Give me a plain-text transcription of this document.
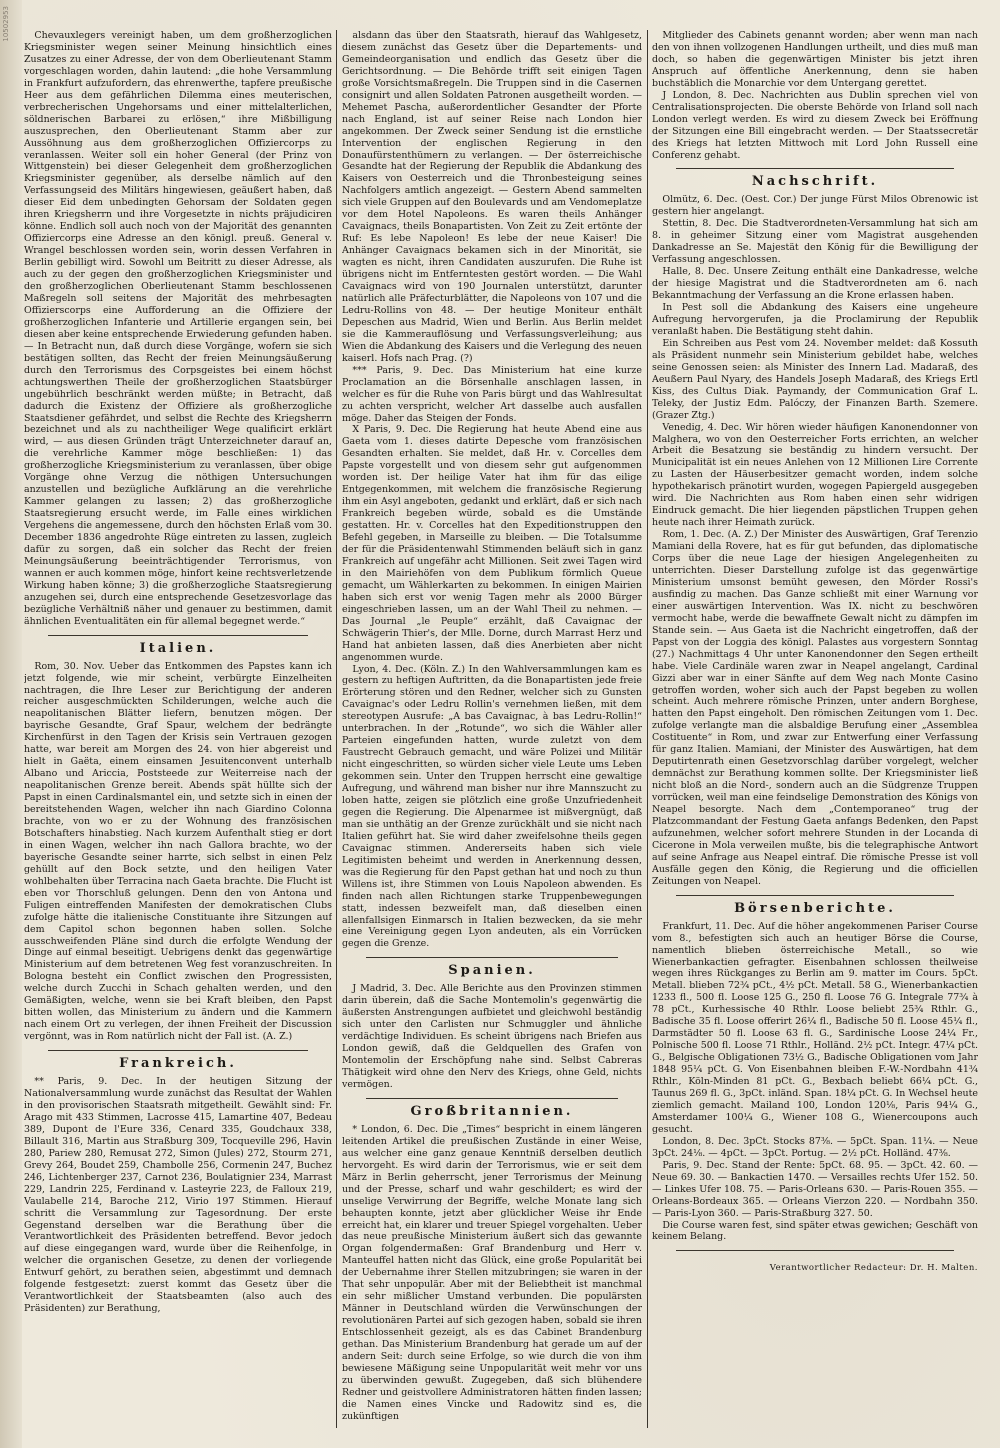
10502953	Chevauxlegers vereinigt haben, um dem großherzoglichen Kriegsminister wegen seiner Meinung hinsichtlich eines Zusatzes zu einer Adresse, der von dem Oberlieutenant Stamm vorgeschlagen worden, dahin lautend: „die hohe Versammlung in Frankfurt aufzufordern, das ehrenwerthe, tapfere preußische Heer aus dem gefährlichen Dilemma eines meuterischen, verbrecherischen Ungehorsams und einer mittelalterlichen, söldnerischen Barbarei zu erlösen,“ ihre Mißbilligung auszusprechen, den Oberlieutenant Stamm aber zur Aussöhnung aus dem großherzoglichen Offiziercorps zu veranlassen. Weiter soll ein hoher General (der Prinz von Wittgenstein) bei dieser Gelegenheit dem großherzoglichen Kriegsminister gegenüber, als derselbe nämlich auf den Verfassungseid des Militärs hingewiesen, geäußert haben, daß dieser Eid dem unbedingten Gehorsam der Soldaten gegen ihren Kriegsherrn und ihre Vorgesetzte in nichts präjudiciren könne. Endlich soll auch noch von der Majorität des genannten Offiziercorps eine Adresse an den königl. preuß. General v. Wrangel beschlossen worden sein, worin dessen Verfahren in Berlin gebilligt wird. Sowohl um Beitritt zu dieser Adresse, als auch zu der gegen den großherzoglichen Kriegsminister und den großherzoglichen Oberlieutenant Stamm beschlossenen Maßregeln soll seitens der Majorität des mehrbesagten Offizierscorps eine Aufforderung an die Offiziere der großherzoglichen Infanterie und Artillerie ergangen sein, bei diesen aber keine entsprechende Erwiederung gefunden haben. — In Betracht nun, daß durch diese Vorgänge, wofern sie sich bestätigen sollten, das Recht der freien Meinungsäußerung durch den Terrorismus des Corpsgeistes bei einem höchst achtungswerthen Theile der großherzoglichen Staatsbürger ungebührlich beschränkt werden müßte; in Betracht, daß dadurch die Existenz der Offiziere als großherzogliche Staatsdiener gefährdet, und selbst die Rechte des Kriegsherrn bezeichnet und als zu nachtheiliger Wege qualificirt erklärt wird, — aus diesen Gründen trägt Unterzeichneter darauf an, die verehrliche Kammer möge beschließen: 1) das großherzogliche Kriegsministerium zu veranlassen, über obige Vorgänge ohne Verzug die nöthigen Untersuchungen anzustellen und bezügliche Aufklärung an die verehrliche Kammer gelangen zu lassen; 2) das großherzogliche Staatsregierung ersucht werde, im Falle eines wirklichen Vergehens die angemessene, durch den höchsten Erlaß vom 30. December 1836 angedrohte Rüge eintreten zu lassen, zugleich dafür zu sorgen, daß ein solcher das Recht der freien Meinungsäußerung beeinträchtigender Terrorismus, von wannen er auch kommen möge, hinfort keine rechtsverletzende Wirkung haben könne; 3) die großherzogliche Staatsregierung anzugehen sei, durch eine entsprechende Gesetzesvorlage das bezügliche Verhältniß näher und genauer zu bestimmen, damit ähnlichen Eventualitäten ein für allemal begegnet werde.“

Italien.

Rom, 30. Nov. Ueber das Entkommen des Papstes kann ich jetzt folgende, wie mir scheint, verbürgte Einzelheiten nachtragen, die Ihre Leser zur Berichtigung der anderen reicher ausgeschmückten Schilderungen, welche auch die neapolitanischen Blätter liefern, benutzen mögen. Der bayrische Gesandte, Graf Spaur, welchem der bedrängte Kirchenfürst in den Tagen der Krisis sein Vertrauen gezogen hatte, war bereit am Morgen des 24. von hier abgereist und hielt in Gaëta, einem einsamen Jesuitenconvent unterhalb Albano und Ariccia, Poststeede zur Weiterreise nach der neapolitanischen Grenze bereit. Abends spät hüllte sich der Papst in einen Cardinalsmantel ein, und setzte sich in einen der bereitstehenden Wagen, welcher ihn nach Giardino Colonna brachte, von wo er zu der Wohnung des französischen Botschafters hinabstieg. Nach kurzem Aufenthalt stieg er dort in einen Wagen, welcher ihn nach Gallora brachte, wo der bayerische Gesandte seiner harrte, sich selbst in einen Pelz gehüllt auf den Bock setzte, und den heiligen Vater wohlbehalten über Terracina nach Gaeta brachte. Die Flucht ist eben vor Thorschluß gelungen. Denn den von Antona und Fuligen eintreffenden Manifesten der demokratischen Clubs zufolge hätte die italienische Constituante ihre Sitzungen auf dem Capitol schon begonnen haben sollen. Solche ausschweifenden Pläne sind durch die erfolgte Wendung der Dinge auf einmal beseitigt. Uebrigens denkt das gegenwärtige Ministerium auf dem betretenen Weg fest voranzuschreiten. In Bologna besteht ein Conflict zwischen den Progressisten, welche durch Zucchi in Schach gehalten werden, und den Gemäßigten, welche, wenn sie bei Kraft bleiben, den Papst bitten wollen, das Ministerium zu ändern und die Kammern nach einem Ort zu verlegen, der ihnen Freiheit der Discussion vergönnt, was in Rom natürlich nicht der Fall ist. (A. Z.)

Frankreich.

** Paris, 9. Dec. In der heutigen Sitzung der Nationalversammlung wurde zunächst das Resultat der Wahlen in den provisorischen Staatsrath mitgetheilt. Gewählt sind: Fr. Arago mit 433 Stimmen, Lacrosse 415, Lamartine 407, Bedeau 389, Dupont de l'Eure 336, Cenard 335, Goudchaux 338, Billault 316, Martin aus Straßburg 309, Tocqueville 296, Havin 280, Pariew 280, Remusat 272, Simon (Jules) 272, Stourm 271, Grevy 264, Boudet 259, Chambolle 256, Cormenin 247, Buchez 246, Lichtenberger 237, Carnot 236, Boulatignier 234, Marrast 229, Landrin 225, Ferdinand v. Lasteyrie 223, de Falloux 219, Vaulabelle 214, Baroche 212, Virio 197 Stimmen. Hierauf schritt die Versammlung zur Tagesordnung. Der erste Gegenstand derselben war die Berathung über die Verantwortlichkeit des Präsidenten betreffend. Bevor jedoch auf diese eingegangen ward, wurde über die Reihenfolge, in welcher die organischen Gesetze, zu denen der vorliegende Entwurf gehört, zu berathen seien, abgestimmt und demnach folgende festgesetzt: zuerst kommt das Gesetz über die Verantwortlichkeit der Staatsbeamten (also auch des Präsidenten) zur Berathung,

alsdann das über den Staatsrath, hierauf das Wahlgesetz, diesem zunächst das Gesetz über die Departements- und Gemeindeorganisation und endlich das Gesetz über die Gerichtsordnung. — Die Behörde trifft seit einigen Tagen große Vorsichtsmaßregeln. Die Truppen sind in die Casernen consignirt und allen Soldaten Patronen ausgetheilt worden. — Mehemet Pascha, außerordentlicher Gesandter der Pforte nach England, ist auf seiner Reise nach London hier angekommen. Der Zweck seiner Sendung ist die ernstliche Intervention der englischen Regierung in den Donaufürstenthümern zu verlangen. — Der österreichische Gesandte hat der Regierung der Republik die Abdankung des Kaisers von Oesterreich und die Thronbesteigung seines Nachfolgers amtlich angezeigt. — Gestern Abend sammelten sich viele Gruppen auf den Boulevards und am Vendomeplatze vor dem Hotel Napoleons. Es waren theils Anhänger Cavaignacs, theils Bonapartisten. Von Zeit zu Zeit ertönte der Ruf: Es lebe Napoleon! Es lebe der neue Kaiser! Die Anhänger Cavaignacs bekamen sich in der Minorität, sie wagten es nicht, ihren Candidaten auszurufen. Die Ruhe ist übrigens nicht im Entferntesten gestört worden. — Die Wahl Cavaignacs wird von 190 Journalen unterstützt, darunter natürlich alle Präfecturblätter, die Napoleons von 107 und die Ledru-Rollins von 48. — Der heutige Moniteur enthält Depeschen aus Madrid, Wien und Berlin. Aus Berlin meldet sie die Kammerauflösung und Verfassungsverleihung; aus Wien die Abdankung des Kaisers und die Verlegung des neuen kaiserl. Hofs nach Prag. (?)

*** Paris, 9. Dec. Das Ministerium hat eine kurze Proclamation an die Börsenhalle anschlagen lassen, in welcher es für die Ruhe von Paris bürgt und das Wahlresultat zu achten verspricht, welcher Art dasselbe auch ausfallen möge. Daher das Steigen der Fonds.

X Paris, 9. Dec. Die Regierung hat heute Abend eine aus Gaeta vom 1. dieses datirte Depesche vom französischen Gesandten erhalten. Sie meldet, daß Hr. v. Corcelles dem Papste vorgestellt und von diesem sehr gut aufgenommen worden ist. Der heilige Vater hat ihm für das eilige Entgegenkommen, mit welchem die französische Regierung ihm ein Asyl angeboten, gedankt und erklärt, daß er sich nach Frankreich begeben würde, sobald es die Umstände gestatten. Hr. v. Corcelles hat den Expeditionstruppen den Befehl gegeben, in Marseille zu bleiben. — Die Totalsumme der für die Präsidentenwahl Stimmenden beläuft sich in ganz Frankreich auf ungefähr acht Millionen. Seit zwei Tagen wird in den Mairiehöfen von dem Publikum förmlich Queue gemacht, um Wählerkarten zu bekommen. In einigen Mairien haben sich erst vor wenig Tagen mehr als 2000 Bürger eingeschrieben lassen, um an der Wahl Theil zu nehmen. — Das Journal „le Peuple“ erzählt, daß Cavaignac der Schwägerin Thier's, der Mlle. Dorne, durch Marrast Herz und Hand hat anbieten lassen, daß dies Anerbieten aber nicht angenommen wurde.

Lyon, 4. Dec. (Köln. Z.) In den Wahlversammlungen kam es gestern zu heftigen Auftritten, da die Bonapartisten jede freie Erörterung stören und den Redner, welcher sich zu Gunsten Cavaignac's oder Ledru Rollin's vernehmen ließen, mit dem stereotypen Ausrufe: „A bas Cavaignac, à bas Ledru-Rollin!“ unterbrachen. In der „Rotunde“, wo sich die Wähler aller Parteien eingefunden hatten, wurde zuletzt von dem Faustrecht Gebrauch gemacht, und wäre Polizei und Militär nicht eingeschritten, so würden sicher viele Leute ums Leben gekommen sein. Unter den Truppen herrscht eine gewaltige Aufregung, und während man bisher nur ihre Mannszucht zu loben hatte, zeigen sie plötzlich eine große Unzufriedenheit gegen die Regierung. Die Alpenarmee ist mißvergnügt, daß man sie unthätig an der Grenze zurückhält und sie nicht nach Italien geführt hat. Sie wird daher zweifelsohne theils gegen Cavaignac stimmen. Andererseits haben sich viele Legitimisten beheimt und werden in Anerkennung dessen, was die Regierung für den Papst gethan hat und noch zu thun Willens ist, ihre Stimmen von Louis Napoleon abwenden. Es finden nach allen Richtungen starke Truppenbewegungen statt, indessen bezweifelt man, daß dieselben einen allenfallsigen Einmarsch in Italien bezwecken, da sie mehr eine Vereinigung gegen Lyon andeuten, als ein Vorrücken gegen die Grenze.

Spanien.

J Madrid, 3. Dec. Alle Berichte aus den Provinzen stimmen darin überein, daß die Sache Montemolin's gegenwärtig die äußersten Anstrengungen aufbietet und gleichwohl beständig sich unter den Carlisten nur Schmuggler und ähnliche verdächtige Individuen. Es scheint übrigens nach Briefen aus London gewiß, daß die Geldquellen des Grafen von Montemolin der Erschöpfung nahe sind. Selbst Cabreras Thätigkeit wird ohne den Nerv des Kriegs, ohne Geld, nichts vermögen.

Großbritannien.

* London, 6. Dec. Die „Times“ bespricht in einem längeren leitenden Artikel die preußischen Zustände in einer Weise, aus welcher eine ganz genaue Kenntniß derselben deutlich hervorgeht. Es wird darin der Terrorismus, wie er seit dem März in Berlin geherrscht, jener Terrorismus der Meinung und der Presse, scharf und wahr geschildert; es wird der unselige Verwirrung der Begriffe, welche Monate lang sich behaupten konnte, jetzt aber glücklicher Weise ihr Ende erreicht hat, ein klarer und treuer Spiegel vorgehalten. Ueber das neue preußische Ministerium äußert sich das gewannte Organ folgendermaßen: Graf Brandenburg und Herr v. Manteuffel hatten nicht das Glück, eine große Popularität bei der Uebernahme ihrer Stellen mitzubringen; sie waren in der That sehr unpopulär. Aber mit der Beliebtheit ist manchmal ein sehr mißlicher Umstand verbunden. Die populärsten Männer in Deutschland würden die Verwünschungen der revolutionären Partei auf sich gezogen haben, sobald sie ihren Entschlossenheit gezeigt, als es das Cabinet Brandenburg gethan. Das Ministerium Brandenburg hat gerade um auf der andern Seit: durch seine Erfolge, so wie durch die von ihm bewiesene Mäßigung seine Unpopularität weit mehr vor uns zu überwinden gewußt. Zugegeben, daß sich blühendere Redner und geistvollere Administratoren hätten finden lassen; die Namen eines Vincke und Radowitz sind es, die zukünftigen

Mitglieder des Cabinets genannt worden; aber wenn man nach den von ihnen vollzogenen Handlungen urtheilt, und dies muß man doch, so haben die gegenwärtigen Minister bis jetzt ihren Anspruch auf öffentliche Anerkennung, denn sie haben buchstäblich die Monarchie vor dem Untergang gerettet.

J London, 8. Dec. Nachrichten aus Dublin sprechen viel von Centralisationsprojecten. Die oberste Behörde von Irland soll nach London verlegt werden. Es wird zu diesem Zweck bei Eröffnung der Sitzungen eine Bill eingebracht werden. — Der Staatssecretär des Kriegs hat letzten Mittwoch mit Lord John Russell eine Conferenz gehabt.

Nachschrift.

Olmütz, 6. Dec. (Oest. Cor.) Der junge Fürst Milos Obrenowic ist gestern hier angelangt.

Stettin, 8. Dec. Die Stadtverordneten-Versammlung hat sich am 8. in geheimer Sitzung einer vom Magistrat ausgehenden Dankadresse an Se. Majestät den König für die Bewilligung der Verfassung angeschlossen.

Halle, 8. Dec. Unsere Zeitung enthält eine Dankadresse, welche der hiesige Magistrat und die Stadtverordneten am 6. nach Bekanntmachung der Verfassung an die Krone erlassen haben.

In Pest soll die Abdankung des Kaisers eine ungeheure Aufregung hervorgerufen, ja die Proclamirung der Republik veranlaßt haben. Die Bestätigung steht dahin.

Ein Schreiben aus Pest vom 24. November meldet: daß Kossuth als Präsident nunmehr sein Ministerium gebildet habe, welches seine Genossen seien: als Minister des Innern Lad. Madaraß, des Aeußern Paul Nyary, des Handels Joseph Madaraß, des Kriegs Ertl Kiss, des Cultus Diak. Paymandy, der Communication Graf L. Teleky, der Justiz Edm. Palóczy, der Finanzen Barth. Szemere. (Grazer Ztg.)

Venedig, 4. Dec. Wir hören wieder häufigen Kanonendonner von Malghera, wo von den Oesterreicher Forts errichten, an welcher Arbeit die Besatzung sie beständig zu hindern versucht. Der Municipalität ist ein neues Anlehen von 12 Millionen Lire Corrente zu Lasten der Häuserbesitzer gemacht worden, indem solche hypothekarisch pränotirt wurden, wogegen Papiergeld ausgegeben wird. Die Nachrichten aus Rom haben einen sehr widrigen Eindruck gemacht. Die hier liegenden päpstlichen Truppen gehen heute nach ihrer Heimath zurück.

Rom, 1. Dec. (A. Z.) Der Minister des Auswärtigen, Graf Terenzio Mamiani della Rovere, hat es für gut befunden, das diplomatische Corps über die neue Lage der hiesigen Angelegenheiten zu unterrichten. Dieser Darstellung zufolge ist das gegenwärtige Ministerium umsonst bemüht gewesen, den Mörder Rossi's ausfindig zu machen. Das Ganze schließt mit einer Warnung vor einer auswärtigen Intervention. Was IX. nicht zu beschwören vermocht habe, werde die bewaffnete Gewalt nicht zu dämpfen im Stande sein. — Aus Gaeta ist die Nachricht eingetroffen, daß der Papst von der Loggia des königl. Palastes aus vorgestern Sonntag (27.) Nachmittags 4 Uhr unter Kanonendonner den Segen ertheilt habe. Viele Cardinäle waren zwar in Neapel angelangt, Cardinal Gizzi aber war in einer Sänfte auf dem Weg nach Monte Casino getroffen worden, woher sich auch der Papst begeben zu wollen scheint. Auch mehrere römische Prinzen, unter andern Borghese, hatten den Papst eingeholt. Den römischen Zeitungen vom 1. Dec. zufolge verlangte man die alsbaldige Berufung einer „Assemblea Costituente“ in Rom, und zwar zur Entwerfung einer Verfassung für ganz Italien. Mamiani, der Minister des Auswärtigen, hat dem Deputirtenrath einen Gesetzvorschlag darüber vorgelegt, welcher demnächst zur Berathung kommen sollte. Der Kriegsminister ließ nicht bloß an die Nord-, sondern auch an die Südgrenze Truppen vorrücken, weil man eine feindselige Demonstration des Königs von Neapel besorgte. Nach dem „Contemporaneo“ trug der Platzcommandant der Festung Gaeta anfangs Bedenken, den Papst aufzunehmen, welcher sofort mehrere Stunden in der Locanda di Cicerone in Mola verweilen mußte, bis die telegraphische Antwort auf seine Anfrage aus Neapel eintraf. Die römische Presse ist voll Ausfälle gegen den König, die Regierung und die officiellen Zeitungen von Neapel.

Börsenberichte.

Frankfurt, 11. Dec. Auf die höher angekommenen Pariser Course vom 8., befestigten sich auch an heutiger Börse die Course, namentlich blieben österreichische Metall., so wie Wienerbankactien gefragter. Eisenbahnen schlossen theilweise wegen ihres Rückganges zu Berlin am 9. matter im Cours. 5pCt. Metall. blieben 72¾ pCt., 4½ pCt. Metall. 58 G., Wienerbankactien 1233 fl., 500 fl. Loose 125 G., 250 fl. Loose 76 G. Integrale 77¾ à 78 pCt., Kurhessische 40 Rthlr. Loose beliebt 25¾ Rthlr. G., Badische 35 fl. Loose offerirt 26¼ fl., Badische 50 fl. Loose 45¼ fl., Darmstädter 50 fl. Loose 63 fl. G., Sardinische Loose 24¼ Fr., Polnische 500 fl. Loose 71 Rthlr., Holländ. 2½ pCt. Integr. 47¼ pCt. G., Belgische Obligationen 73½ G., Badische Obligationen vom Jahr 1848 95¼ pCt. G. Von Eisenbahnen bleiben F.-W.-Nordbahn 41¾ Rthlr., Köln-Minden 81 pCt. G., Bexbach beliebt 66¼ pCt. G., Taunus 269 fl. G., 3pCt. inländ. Span. 18¼ pCt. G. In Wechsel heute ziemlich gemacht. Mailand 100, London 120⅛, Paris 94¼ G., Amsterdamer 100¼ G., Wiener 108 G., Wienercoupons auch gesucht.

London, 8. Dec. 3pCt. Stocks 87⅜. — 5pCt. Span. 11¼. — Neue 3pCt. 24⅛. — 4pCt. — 3pCt. Portug. — 2½ pCt. Holländ. 47⅜.

Paris, 9. Dec. Stand der Rente: 5pCt. 68. 95. — 3pCt. 42. 60. — Neue 69. 30. — Bankactien 1470. — Versailles rechts Ufer 152. 50. — Linkes Ufer 108. 75. — Paris-Orleans 630. — Paris-Rouen 355. — Orleans-Bordeaux 365. — Orleans Vierzon 220. — Nordbahn 350. — Paris-Lyon 360. — Paris-Straßburg 327. 50.

Die Course waren fest, sind später etwas gewichen; Geschäft von keinem Belang.

Verantwortlicher Redacteur: Dr. H. Malten.
